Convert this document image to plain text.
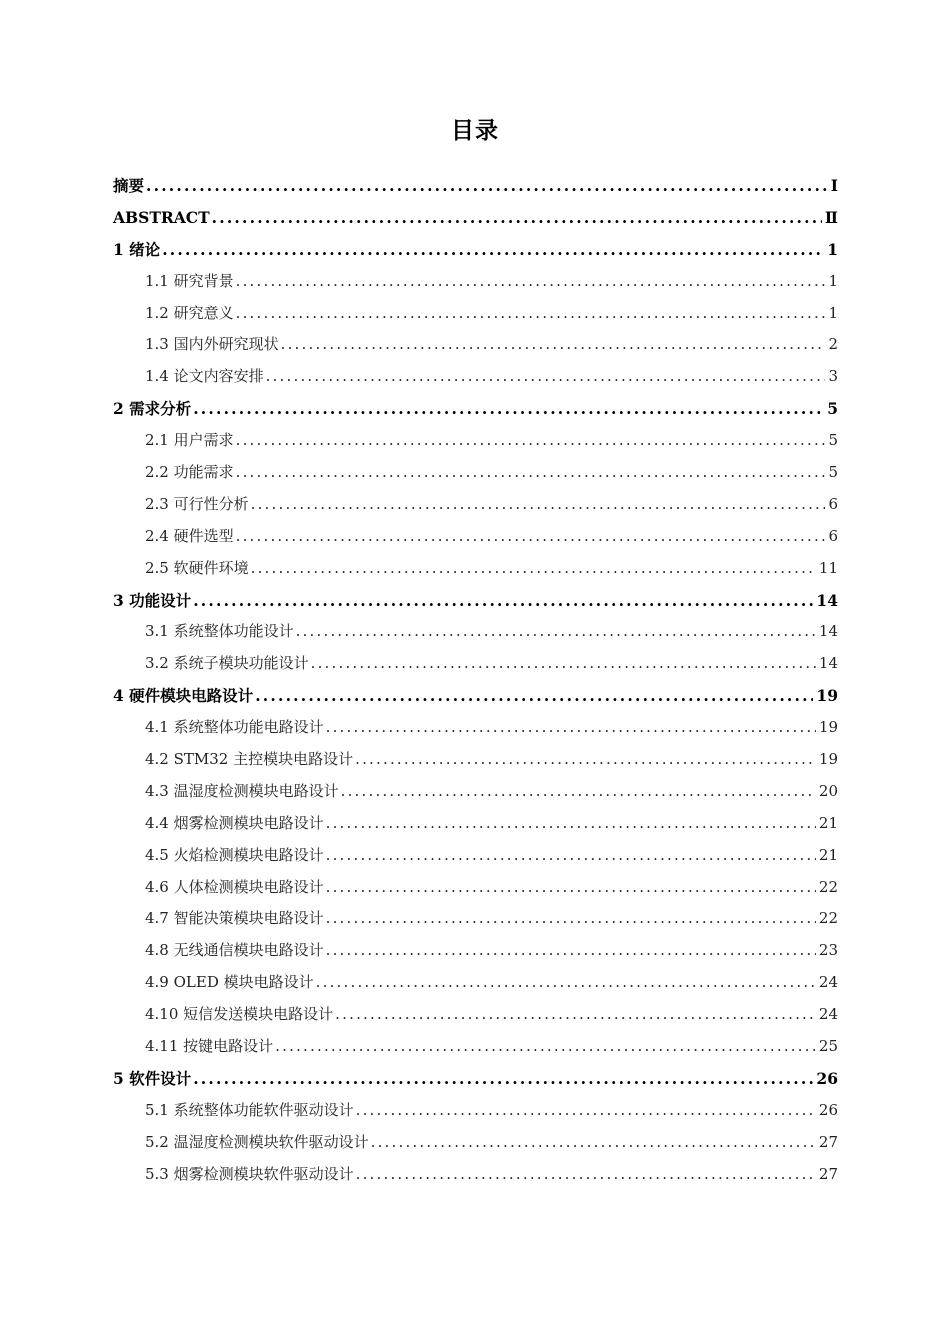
目录
摘要 .....	I
ABSTRACT .....	Ⅱ
1 绪论 .....	1
1.1 研究背景 .....	1
1.2 研究意义 .....	1
1.3 国内外研究现状 .....	2
1.4 论文内容安排 .....	3
2 需求分析 .....	5
2.1 用户需求 .....	5
2.2 功能需求 .....	5
2.3 可行性分析 .....	6
2.4 硬件选型 .....	6
2.5 软硬件环境 .....	11
3 功能设计 .....	14
3.1 系统整体功能设计 .....	14
3.2 系统子模块功能设计 .....	14
4 硬件模块电路设计 .....	19
4.1 系统整体功能电路设计 .....	19
4.2 STM32 主控模块电路设计 .....	19
4.3 温湿度检测模块电路设计 .....	20
4.4 烟雾检测模块电路设计 .....	21
4.5 火焰检测模块电路设计 .....	21
4.6 人体检测模块电路设计 .....	22
4.7 智能决策模块电路设计 .....	22
4.8 无线通信模块电路设计 .....	23
4.9 OLED 模块电路设计 .....	24
4.10 短信发送模块电路设计 .....	24
4.11 按键电路设计 .....	25
5 软件设计 .....	26
5.1 系统整体功能软件驱动设计 .....	26
5.2 温湿度检测模块软件驱动设计 .....	27
5.3 烟雾检测模块软件驱动设计 .....	27
